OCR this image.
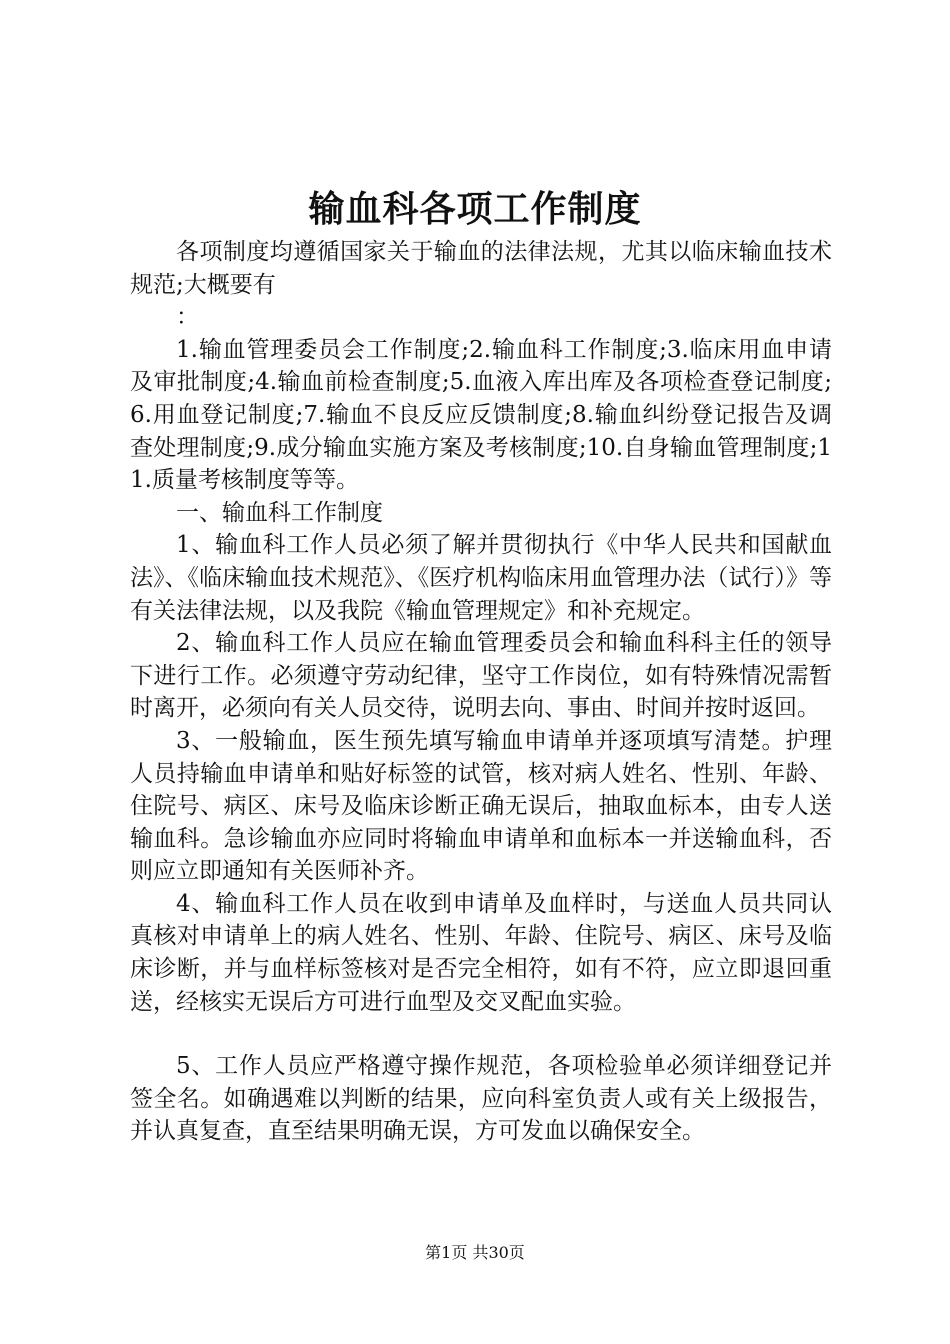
输血科各项工作制度

各项制度均遵循国家关于输血的法律法规，尤其以临床输血技术规范;大概要有

：

1.输血管理委员会工作制度;2.输血科工作制度;3.临床用血申请及审批制度;4.输血前检查制度;5.血液入库出库及各项检查登记制度;6.用血登记制度;7.输血不良反应反馈制度;8.输血纠纷登记报告及调查处理制度;9.成分输血实施方案及考核制度;10.自身输血管理制度;11.质量考核制度等等。

一、输血科工作制度

1、输血科工作人员必须了解并贯彻执行《中华人民共和国献血法》、《临床输血技术规范》、《医疗机构临床用血管理办法（试行）》等有关法律法规，以及我院《输血管理规定》和补充规定。

2、输血科工作人员应在输血管理委员会和输血科科主任的领导下进行工作。必须遵守劳动纪律，坚守工作岗位，如有特殊情况需暂时离开，必须向有关人员交待，说明去向、事由、时间并按时返回。

3、一般输血，医生预先填写输血申请单并逐项填写清楚。护理人员持输血申请单和贴好标签的试管，核对病人姓名、性别、年龄、住院号、病区、床号及临床诊断正确无误后，抽取血标本，由专人送输血科。急诊输血亦应同时将输血申请单和血标本一并送输血科，否则应立即通知有关医师补齐。

4、输血科工作人员在收到申请单及血样时，与送血人员共同认真核对申请单上的病人姓名、性别、年龄、住院号、病区、床号及临床诊断，并与血样标签核对是否完全相符，如有不符，应立即退回重送，经核实无误后方可进行血型及交叉配血实验。

5、工作人员应严格遵守操作规范，各项检验单必须详细登记并签全名。如确遇难以判断的结果，应向科室负责人或有关上级报告，并认真复查，直至结果明确无误，方可发血以确保安全。

第1页 共30页
